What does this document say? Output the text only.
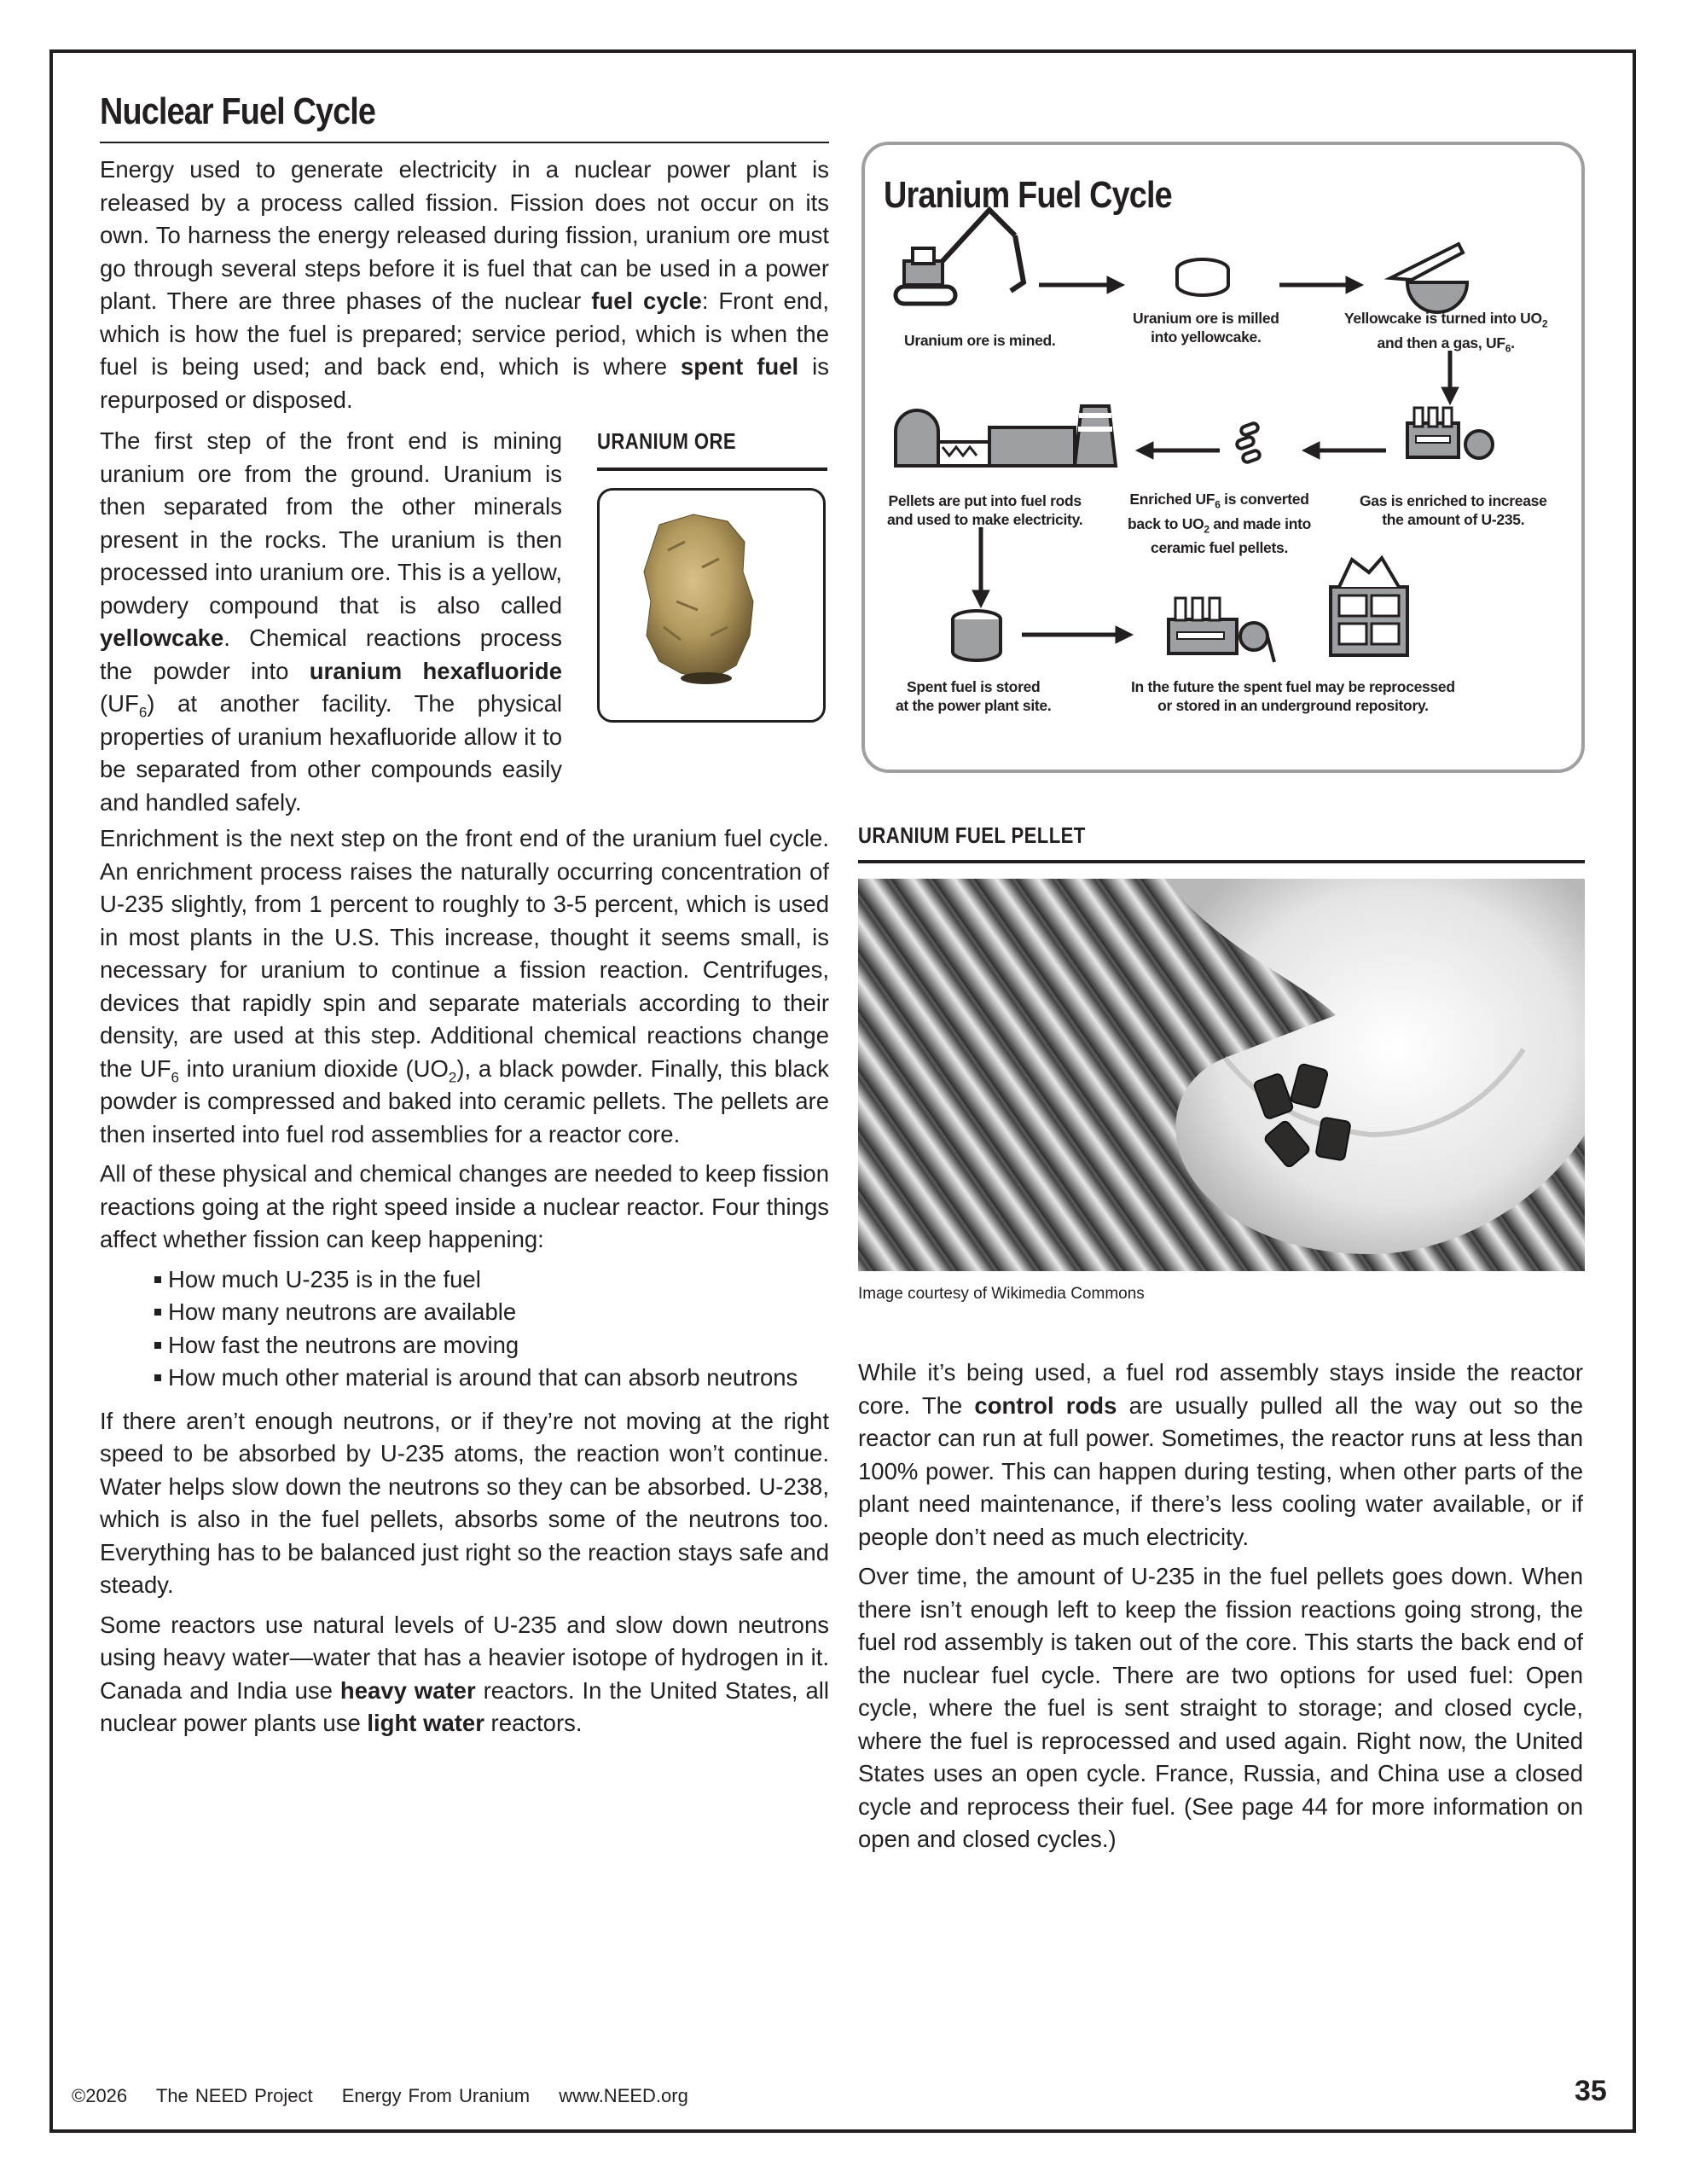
Nuclear Fuel Cycle

Energy used to generate electricity in a nuclear power plant is released by a process called fission. Fission does not occur on its own. To harness the energy released during fission, uranium ore must go through several steps before it is fuel that can be used in a power plant. There are three phases of the nuclear fuel cycle: Front end, which is how the fuel is prepared; service period, which is when the fuel is being used; and back end, which is where spent fuel is repurposed or disposed.

The first step of the front end is mining uranium ore from the ground. Uranium is then separated from the other minerals present in the rocks. The uranium is then processed into uranium ore. This is a yellow, powdery compound that is also called yellowcake. Chemical reactions process the powder into uranium hexafluoride $(UF_6)$ at another facility. The physical properties of uranium hexafluoride allow it to be separated from other compounds easily and handled safely.

URANIUM ORE

Enrichment is the next step on the front end of the uranium fuel cycle. An enrichment process raises the naturally occurring concentration of U-235 slightly, from 1 percent to roughly to 3-5 percent, which is used in most plants in the U.S. This increase, thought it seems small, is necessary for uranium to continue a fission reaction. Centrifuges, devices that rapidly spin and separate materials according to their density, are used at this step. Additional chemical reactions change the $UF_6$ into uranium dioxide $(UO_2)$, a black powder. Finally, this black powder is compressed and baked into ceramic pellets. The pellets are then inserted into fuel rod assemblies for a reactor core.

All of these physical and chemical changes are needed to keep fission reactions going at the right speed inside a nuclear reactor. Four things affect whether fission can keep happening:

How much U-235 is in the fuel
How many neutrons are available
How fast the neutrons are moving
How much other material is around that can absorb neutrons

If there aren’t enough neutrons, or if they’re not moving at the right speed to be absorbed by U-235 atoms, the reaction won’t continue. Water helps slow down the neutrons so they can be absorbed. U-238, which is also in the fuel pellets, absorbs some of the neutrons too. Everything has to be balanced just right so the reaction stays safe and steady.

Some reactors use natural levels of U-235 and slow down neutrons using heavy water—water that has a heavier isotope of hydrogen in it. Canada and India use heavy water reactors. In the United States, all nuclear power plants use light water reactors.

Uranium Fuel Cycle
Uranium ore is mined.
Uranium ore is milled
into yellowcake.
Yellowcake is turned into $UO_2$
and then a gas, $UF_6$.
Gas is enriched to increase
the amount of U-235.
Enriched $UF_6$ is converted
back to $UO_2$ and made into
ceramic fuel pellets.
Pellets are put into fuel rods
and used to make electricity.
Spent fuel is stored
at the power plant site.
In the future the spent fuel may be reprocessed
or stored in an underground repository.
URANIUM FUEL PELLET
Image courtesy of Wikimedia Commons

While it’s being used, a fuel rod assembly stays inside the reactor core. The control rods are usually pulled all the way out so the reactor can run at full power. Sometimes, the reactor runs at less than 100% power. This can happen during testing, when other parts of the plant need maintenance, if there’s less cooling water available, or if people don’t need as much electricity.

Over time, the amount of U-235 in the fuel pellets goes down. When there isn’t enough left to keep the fission reactions going strong, the fuel rod assembly is taken out of the core. This starts the back end of the nuclear fuel cycle. There are two options for used fuel: Open cycle, where the fuel is sent straight to storage; and closed cycle, where the fuel is reprocessed and used again. Right now, the United States uses an open cycle. France, Russia, and China use a closed cycle and reprocess their fuel. (See page 44 for more information on open and closed cycles.)

©2026 The NEED Project Energy From Uranium www.NEED.org	35
